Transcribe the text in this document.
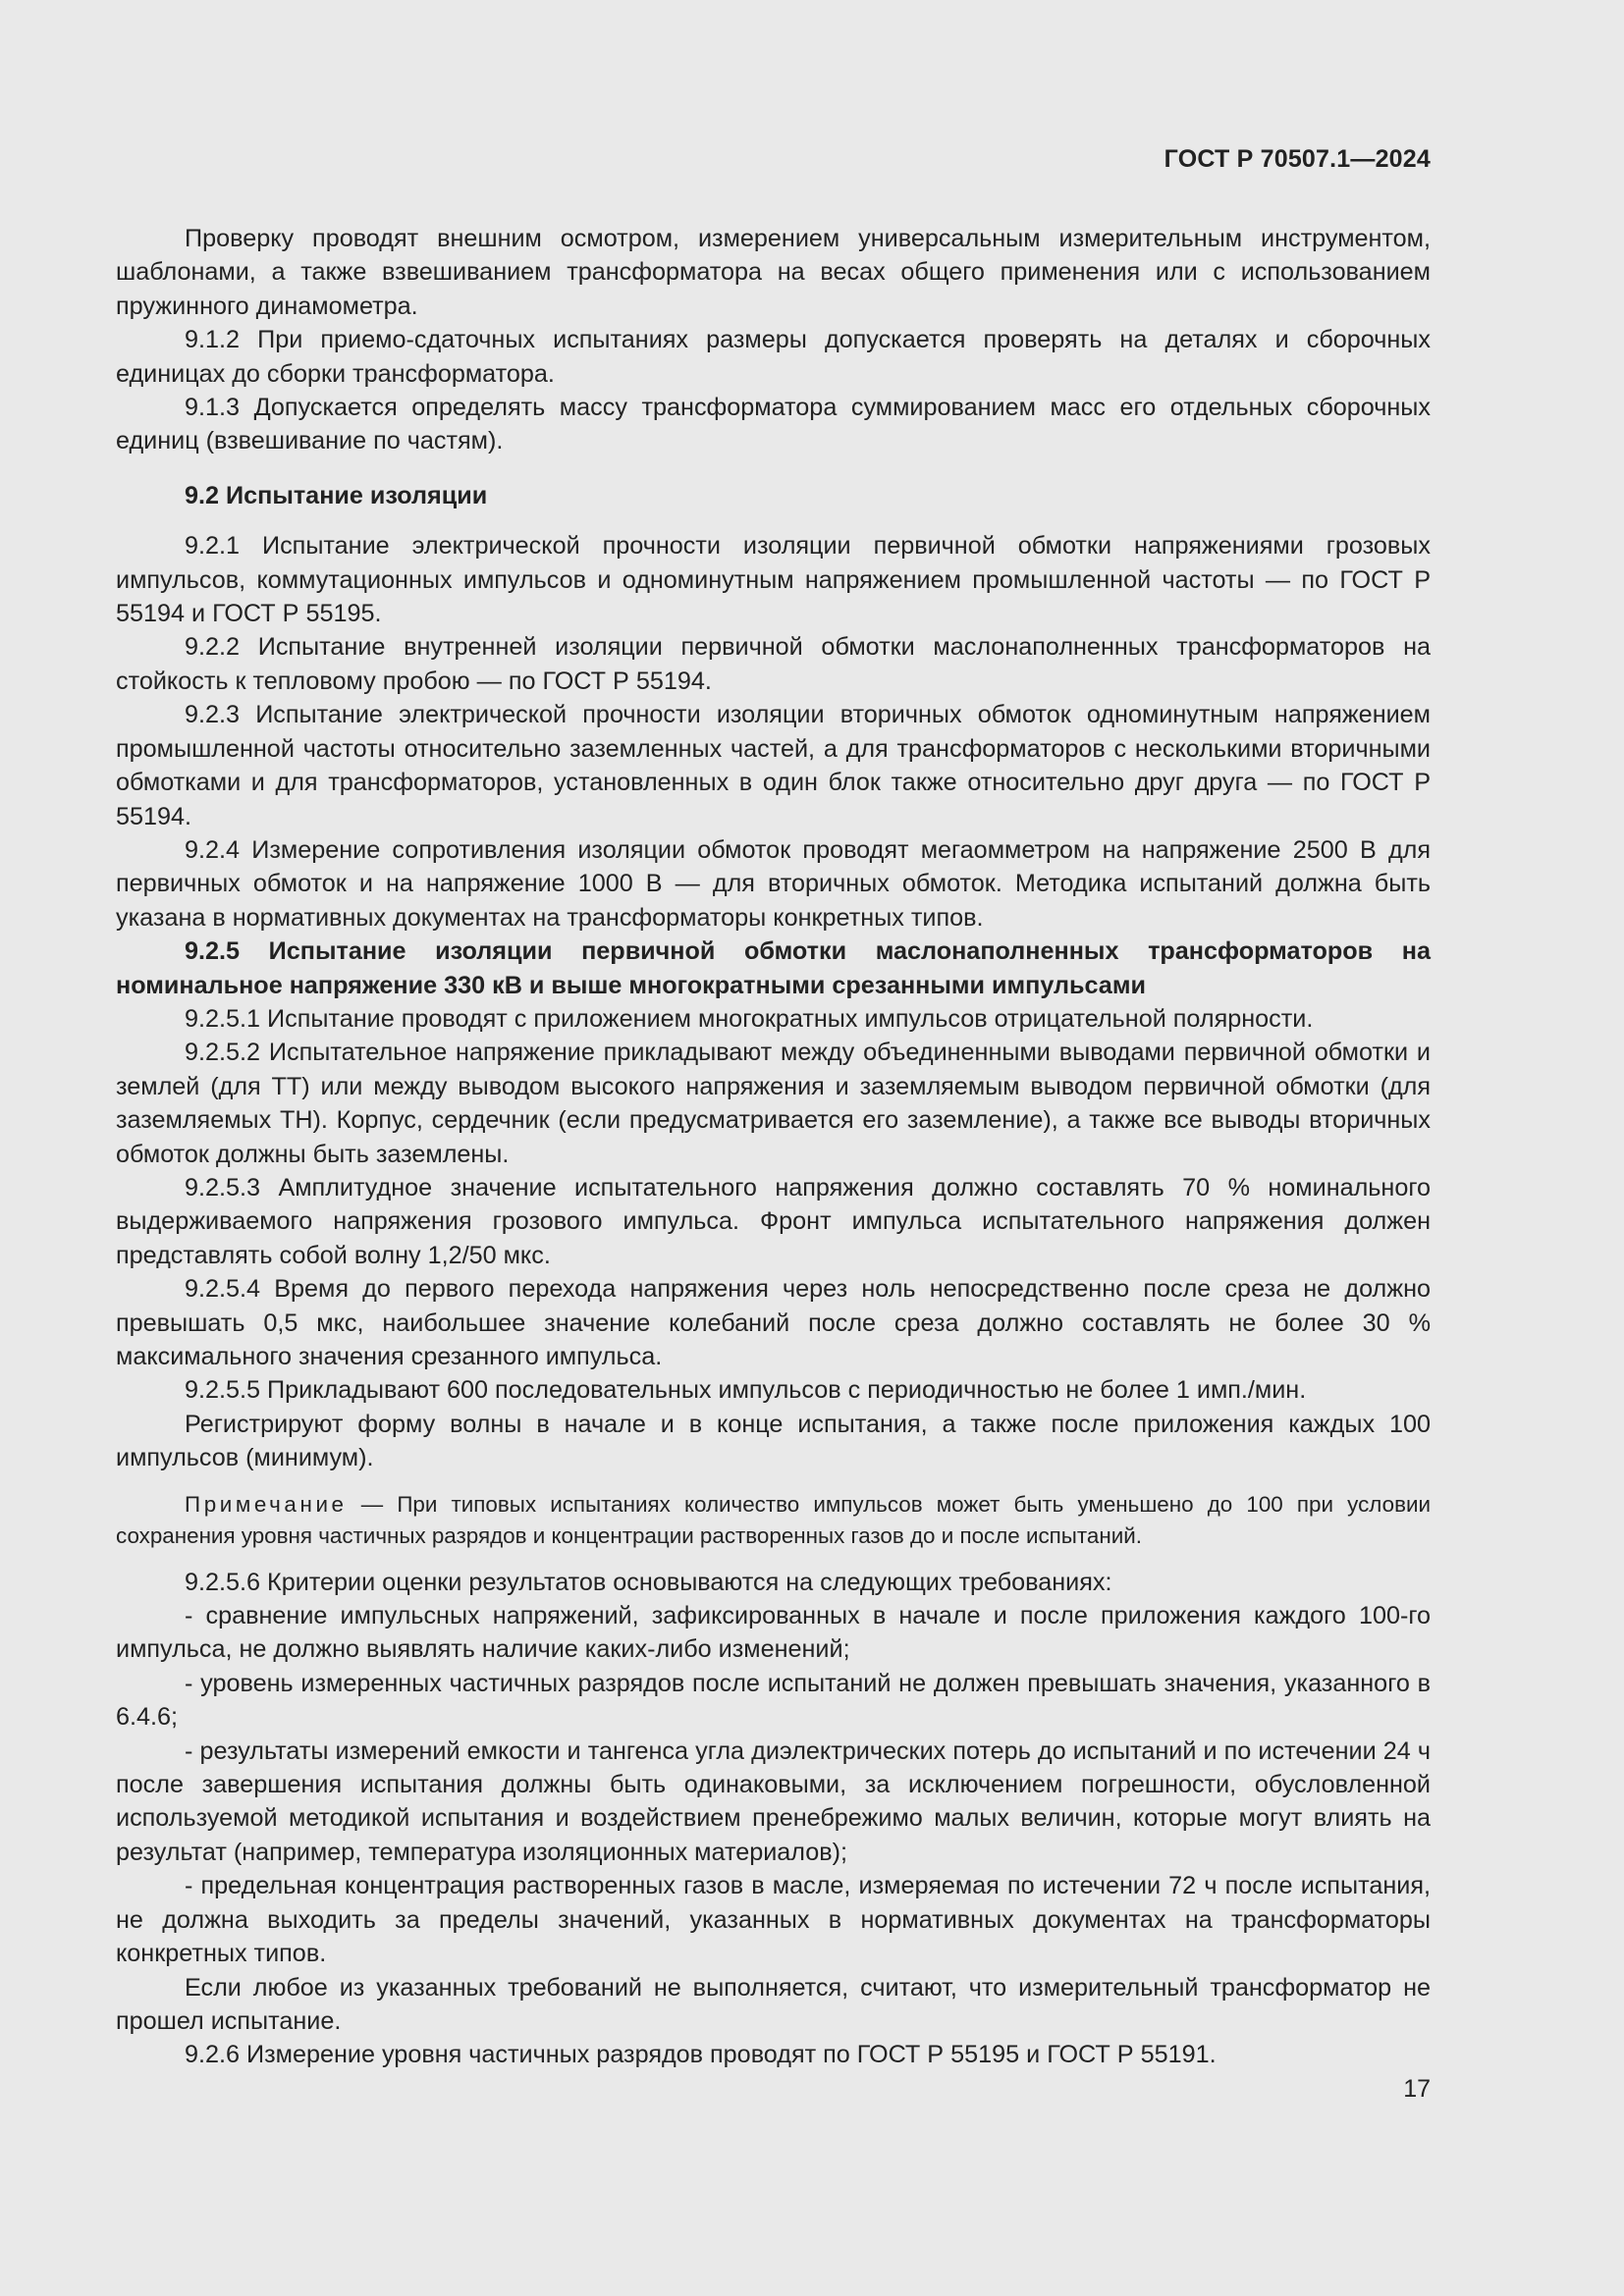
ГОСТ Р 70507.1—2024

Проверку проводят внешним осмотром, измерением универсальным измерительным инструментом, шаблонами, а также взвешиванием трансформатора на весах общего применения или с использованием пружинного динамометра.

9.1.2 При приемо-сдаточных испытаниях размеры допускается проверять на деталях и сборочных единицах до сборки трансформатора.

9.1.3 Допускается определять массу трансформатора суммированием масс его отдельных сборочных единиц (взвешивание по частям).

9.2 Испытание изоляции

9.2.1 Испытание электрической прочности изоляции первичной обмотки напряжениями грозовых импульсов, коммутационных импульсов и одноминутным напряжением промышленной частоты — по ГОСТ Р 55194 и ГОСТ Р 55195.

9.2.2 Испытание внутренней изоляции первичной обмотки маслонаполненных трансформаторов на стойкость к тепловому пробою — по ГОСТ Р 55194.

9.2.3 Испытание электрической прочности изоляции вторичных обмоток одноминутным напряжением промышленной частоты относительно заземленных частей, а для трансформаторов с несколькими вторичными обмотками и для трансформаторов, установленных в один блок также относительно друг друга — по ГОСТ Р 55194.

9.2.4 Измерение сопротивления изоляции обмоток проводят мегаомметром на напряжение 2500 В для первичных обмоток и на напряжение 1000 В — для вторичных обмоток. Методика испытаний должна быть указана в нормативных документах на трансформаторы конкретных типов.

9.2.5 Испытание изоляции первичной обмотки маслонаполненных трансформаторов на номинальное напряжение 330 кВ и выше многократными срезанными импульсами

9.2.5.1 Испытание проводят с приложением многократных импульсов отрицательной полярности.

9.2.5.2 Испытательное напряжение прикладывают между объединенными выводами первичной обмотки и землей (для ТТ) или между выводом высокого напряжения и заземляемым выводом первичной обмотки (для заземляемых ТН). Корпус, сердечник (если предусматривается его заземление), а также все выводы вторичных обмоток должны быть заземлены.

9.2.5.3 Амплитудное значение испытательного напряжения должно составлять 70 % номинального выдерживаемого напряжения грозового импульса. Фронт импульса испытательного напряжения должен представлять собой волну 1,2/50 мкс.

9.2.5.4 Время до первого перехода напряжения через ноль непосредственно после среза не должно превышать 0,5 мкс, наибольшее значение колебаний после среза должно составлять не более 30 % максимального значения срезанного импульса.

9.2.5.5 Прикладывают 600 последовательных импульсов с периодичностью не более 1 имп./мин.

Регистрируют форму волны в начале и в конце испытания, а также после приложения каждых 100 импульсов (минимум).

Примечание — При типовых испытаниях количество импульсов может быть уменьшено до 100 при условии сохранения уровня частичных разрядов и концентрации растворенных газов до и после испытаний.

9.2.5.6 Критерии оценки результатов основываются на следующих требованиях:

- сравнение импульсных напряжений, зафиксированных в начале и после приложения каждого 100-го импульса, не должно выявлять наличие каких-либо изменений;

- уровень измеренных частичных разрядов после испытаний не должен превышать значения, указанного в 6.4.6;

- результаты измерений емкости и тангенса угла диэлектрических потерь до испытаний и по истечении 24 ч после завершения испытания должны быть одинаковыми, за исключением погрешности, обусловленной используемой методикой испытания и воздействием пренебрежимо малых величин, которые могут влиять на результат (например, температура изоляционных материалов);

- предельная концентрация растворенных газов в масле, измеряемая по истечении 72 ч после испытания, не должна выходить за пределы значений, указанных в нормативных документах на трансформаторы конкретных типов.

Если любое из указанных требований не выполняется, считают, что измерительный трансформатор не прошел испытание.

9.2.6 Измерение уровня частичных разрядов проводят по ГОСТ Р 55195 и ГОСТ Р 55191.

17
